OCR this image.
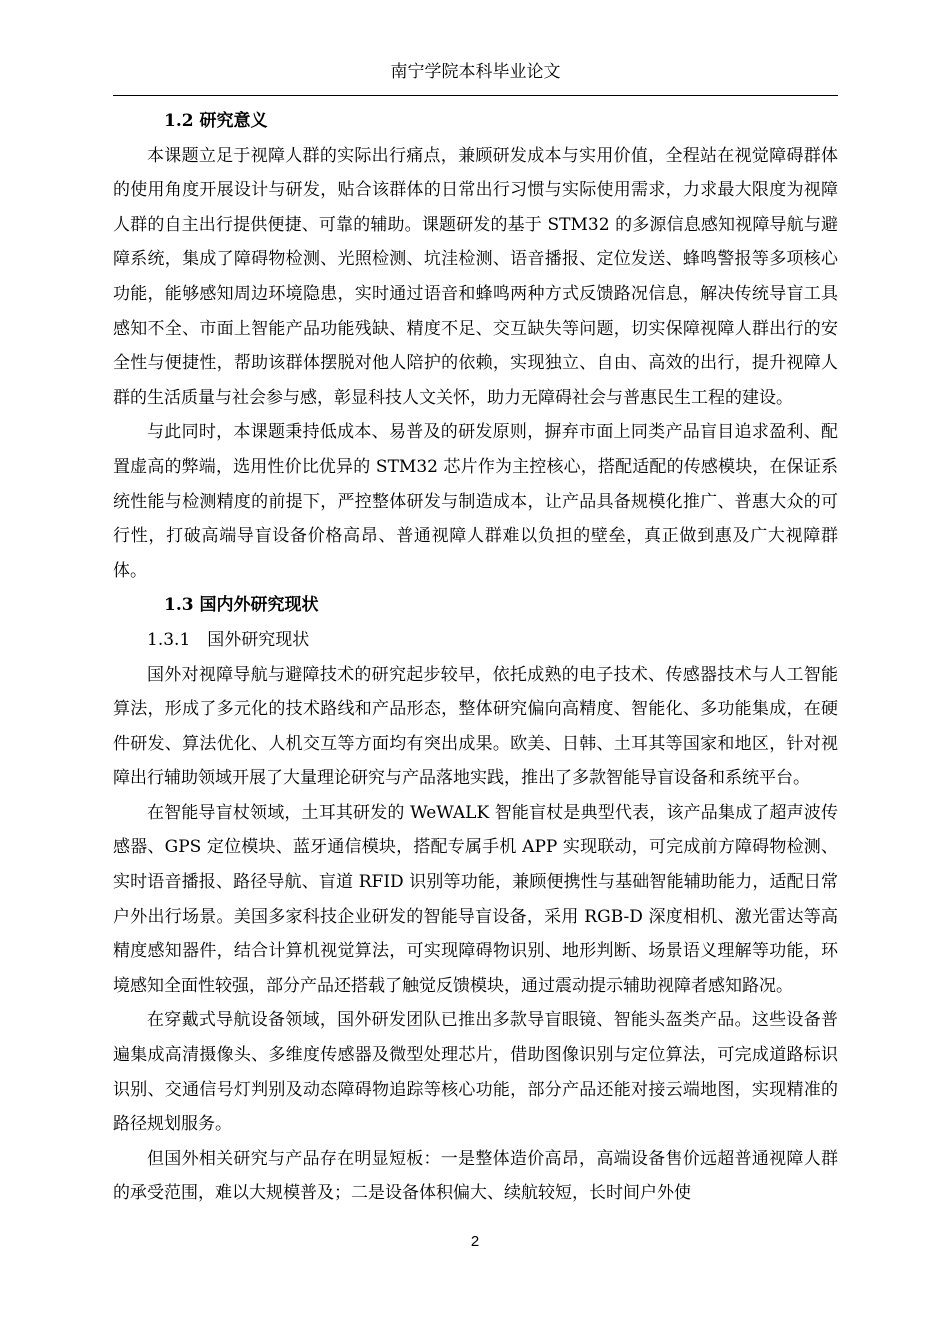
南宁学院本科毕业论文
1.2 研究意义

本课题立足于视障人群的实际出行痛点，兼顾研发成本与实用价值，全程站在视觉障碍群体的使用角度开展设计与研发，贴合该群体的日常出行习惯与实际使用需求，力求最大限度为视障人群的自主出行提供便捷、可靠的辅助。课题研发的基于 STM32 的多源信息感知视障导航与避障系统，集成了障碍物检测、光照检测、坑洼检测、语音播报、定位发送、蜂鸣警报等多项核心功能，能够感知周边环境隐患，实时通过语音和蜂鸣两种方式反馈路况信息，解决传统导盲工具感知不全、市面上智能产品功能残缺、精度不足、交互缺失等问题，切实保障视障人群出行的安全性与便捷性，帮助该群体摆脱对他人陪护的依赖，实现独立、自由、高效的出行，提升视障人群的生活质量与社会参与感，彰显科技人文关怀，助力无障碍社会与普惠民生工程的建设。

与此同时，本课题秉持低成本、易普及的研发原则，摒弃市面上同类产品盲目追求盈利、配置虚高的弊端，选用性价比优异的 STM32 芯片作为主控核心，搭配适配的传感模块，在保证系统性能与检测精度的前提下，严控整体研发与制造成本，让产品具备规模化推广、普惠大众的可行性，打破高端导盲设备价格高昂、普通视障人群难以负担的壁垒，真正做到惠及广大视障群体。

1.3 国内外研究现状
1.3.1　国外研究现状

国外对视障导航与避障技术的研究起步较早，依托成熟的电子技术、传感器技术与人工智能算法，形成了多元化的技术路线和产品形态，整体研究偏向高精度、智能化、多功能集成，在硬件研发、算法优化、人机交互等方面均有突出成果。欧美、日韩、土耳其等国家和地区，针对视障出行辅助领域开展了大量理论研究与产品落地实践，推出了多款智能导盲设备和系统平台。

在智能导盲杖领域，土耳其研发的 WeWALK 智能盲杖是典型代表，该产品集成了超声波传感器、GPS 定位模块、蓝牙通信模块，搭配专属手机 APP 实现联动，可完成前方障碍物检测、实时语音播报、路径导航、盲道 RFID 识别等功能，兼顾便携性与基础智能辅助能力，适配日常户外出行场景。美国多家科技企业研发的智能导盲设备，采用 RGB-D 深度相机、激光雷达等高精度感知器件，结合计算机视觉算法，可实现障碍物识别、地形判断、场景语义理解等功能，环境感知全面性较强，部分产品还搭载了触觉反馈模块，通过震动提示辅助视障者感知路况。

在穿戴式导航设备领域，国外研发团队已推出多款导盲眼镜、智能头盔类产品。这些设备普遍集成高清摄像头、多维度传感器及微型处理芯片，借助图像识别与定位算法，可完成道路标识识别、交通信号灯判别及动态障碍物追踪等核心功能，部分产品还能对接云端地图，实现精准的路径规划服务。

但国外相关研究与产品存在明显短板：一是整体造价高昂，高端设备售价远超普通视障人群的承受范围，难以大规模普及；二是设备体积偏大、续航较短，长时间户外使

2
